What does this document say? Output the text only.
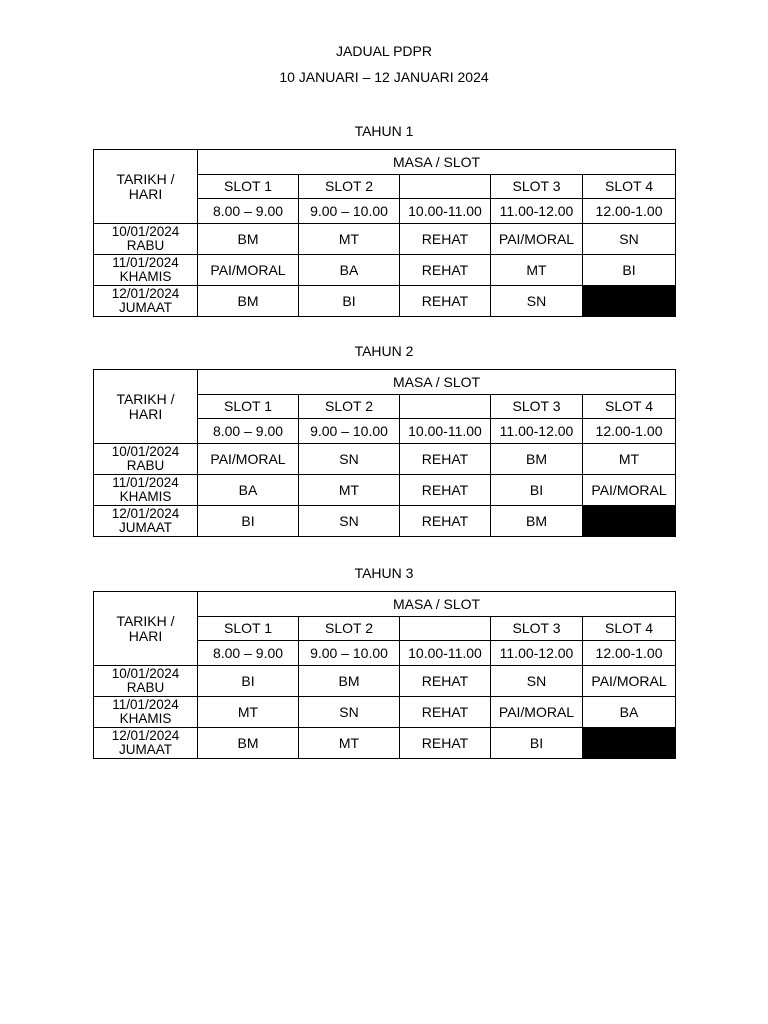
JADUAL PDPR
10 JANUARI – 12 JANUARI 2024
TAHUN 1
TARIKH /
HARI	MASA / SLOT				
	SLOT 1	SLOT 2		SLOT 3	SLOT 4
	8.00 – 9.00	9.00 – 10.00	10.00-11.00	11.00-12.00	12.00-1.00

10/01/2024
RABU	BM	MT	REHAT	PAI/MORAL	SN

11/01/2024
KHAMIS	PAI/MORAL	BA	REHAT	MT	BI

12/01/2024
JUMAAT	BM	BI	REHAT	SN	
TAHUN 2
TARIKH /
HARI	MASA / SLOT				
	SLOT 1	SLOT 2		SLOT 3	SLOT 4
	8.00 – 9.00	9.00 – 10.00	10.00-11.00	11.00-12.00	12.00-1.00

10/01/2024
RABU	PAI/MORAL	SN	REHAT	BM	MT

11/01/2024
KHAMIS	BA	MT	REHAT	BI	PAI/MORAL

12/01/2024
JUMAAT	BI	SN	REHAT	BM	
TAHUN 3
TARIKH /
HARI	MASA / SLOT				
	SLOT 1	SLOT 2		SLOT 3	SLOT 4
	8.00 – 9.00	9.00 – 10.00	10.00-11.00	11.00-12.00	12.00-1.00

10/01/2024
RABU	BI	BM	REHAT	SN	PAI/MORAL

11/01/2024
KHAMIS	MT	SN	REHAT	PAI/MORAL	BA

12/01/2024
JUMAAT	BM	MT	REHAT	BI	
